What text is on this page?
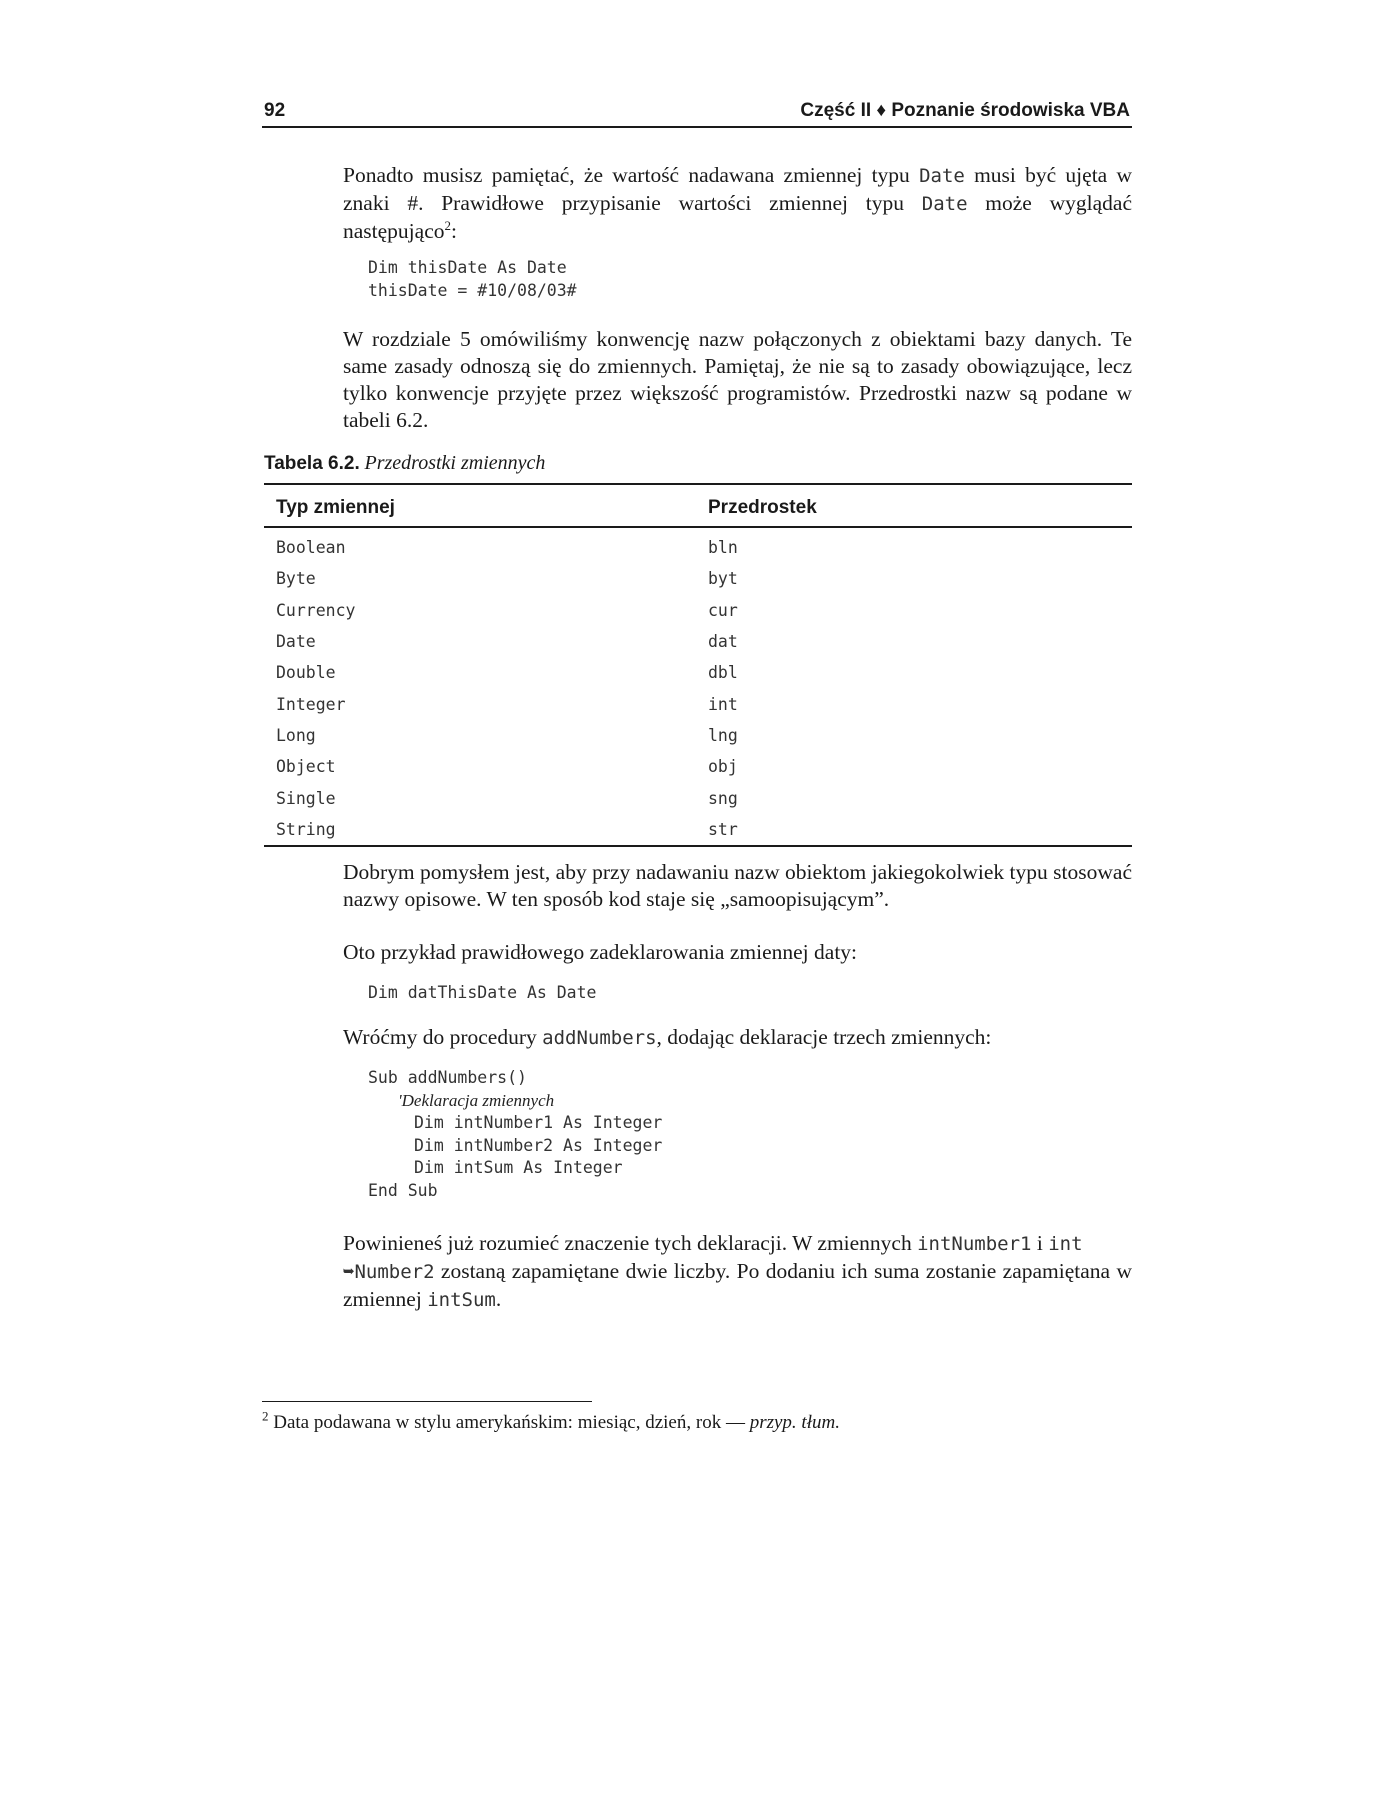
92	Część II ♦ Poznanie środowiska VBA

Ponadto musisz pamiętać, że wartość nadawana zmiennej typu Date musi być ujęta w znaki #. Prawidłowe przypisanie wartości zmiennej typu Date może wyglądać następująco$^2$:

Dim thisDate As Date
thisDate = #10/08/03#

W rozdziale 5 omówiliśmy konwencję nazw połączonych z obiektami bazy danych. Te same zasady odnoszą się do zmiennych. Pamiętaj, że nie są to zasady obowiązujące, lecz tylko konwencje przyjęte przez większość programistów. Przedrostki nazw są podane w tabeli 6.2.

Tabela 6.2. Przedrostki zmiennych
Typ zmiennej	Przedrostek
Boolean	bln
Byte	byt
Currency	cur
Date	dat
Double	dbl
Integer	int
Long	lng
Object	obj
Single	sng
String	str

Dobrym pomysłem jest, aby przy nadawaniu nazw obiektom jakiegokolwiek typu stosować nazwy opisowe. W ten sposób kod staje się „samoopisującym”.

Oto przykład prawidłowego zadeklarowania zmiennej daty:

Dim datThisDate As Date

Wróćmy do procedury addNumbers, dodając deklaracje trzech zmiennych:

Sub addNumbers()
'Deklaracja zmiennych
Dim intNumber1 As Integer
Dim intNumber2 As Integer
Dim intSum As Integer
End Sub

Powinieneś już rozumieć znaczenie tych deklaracji. W zmiennych intNumber1 i int
➥Number2 zostaną zapamiętane dwie liczby. Po dodaniu ich suma zostanie zapamiętana w zmiennej intSum.

$^2$ Data podawana w stylu amerykańskim: miesiąc, dzień, rok — przyp. tłum.
